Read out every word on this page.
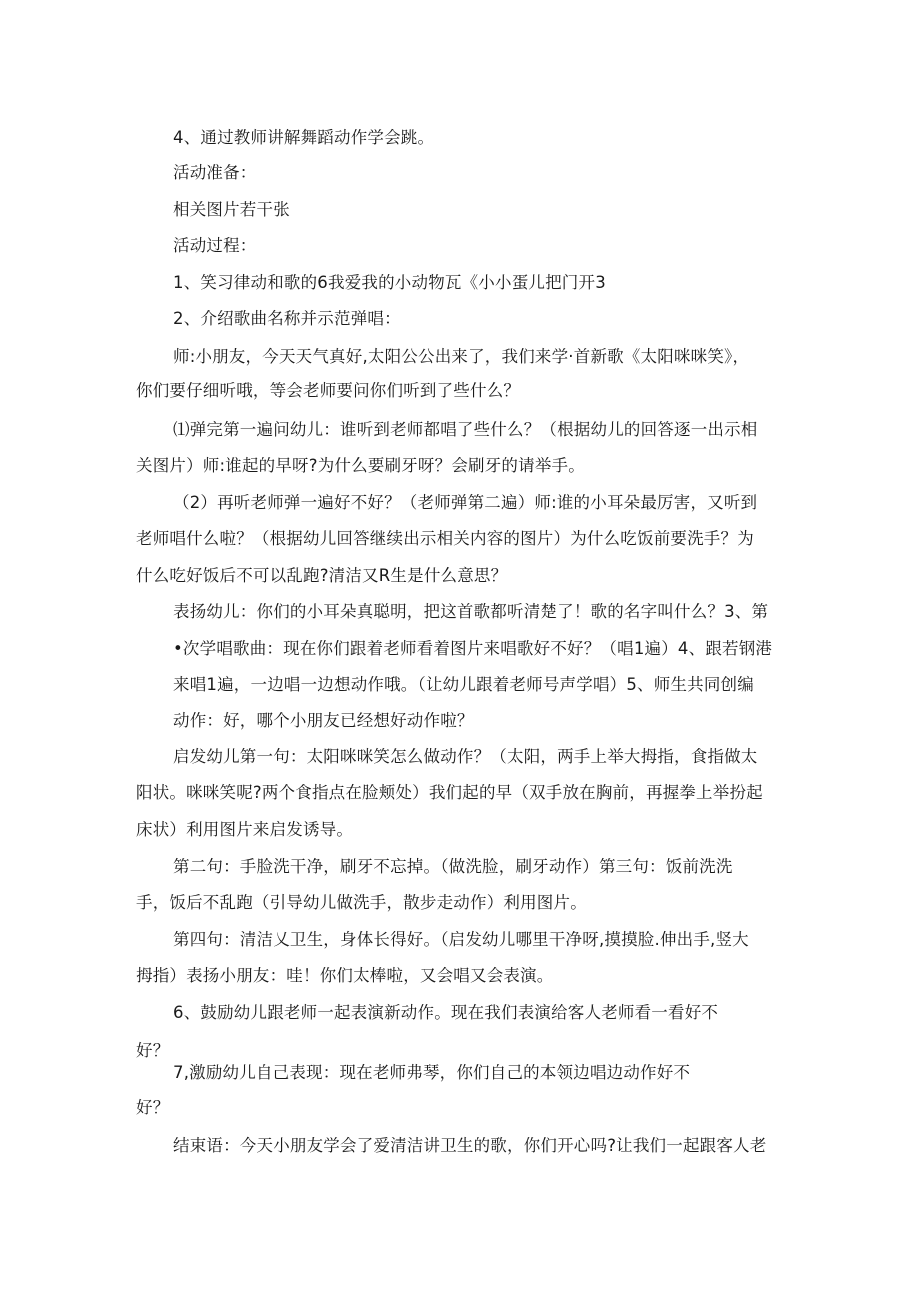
4、通过教师讲解舞蹈动作学会跳。
活动准备：
相关图片若干张
活动过程：
1、笑习律动和歌的6我爱我的小动物瓦《小小蛋儿把门开3
2、介绍歌曲名称并示范弹唱：
师:小朋友，今天天气真好,太阳公公出来了，我们来学·首新歌《太阳咪咪笑》，
你们要仔细听哦，等会老师要问你们听到了些什么？
⑴弹完第一遍问幼儿：谁听到老师都唱了些什么？（根据幼儿的回答逐一出示相
关图片）师:谁起的早呀?为什么要刷牙呀？会刷牙的请举手。
（2）再听老师弹一遍好不好？（老师弹第二遍）师:谁的小耳朵最厉害，又听到
老师唱什么啦？（根据幼儿回答继续出示相关内容的图片）为什么吃饭前要洗手？为
什么吃好饭后不可以乱跑?清洁又R生是什么意思？
表扬幼儿：你们的小耳朵真聪明，把这首歌都听清楚了！歌的名字叫什么？3、第
•次学唱歌曲：现在你们跟着老师看着图片来唱歌好不好？（唱1遍）4、跟若钢港
来唱1遍，一边唱一边想动作哦。（让幼儿跟着老师号声学唱）5、师生共同创编
动作：好，哪个小朋友已经想好动作啦？
启发幼儿第一句：太阳咪咪笑怎么做动作？（太阳，两手上举大拇指，食指做太
阳状。咪咪笑呢?两个食指点在脸颊处）我们起的早（双手放在胸前，再握拳上举扮起
床状）利用图片来启发诱导。
第二句：手脸洗干净，刷牙不忘掉。（做洗脸，刷牙动作）第三句：饭前洗洗
手，饭后不乱跑（引导幼儿做洗手，散步走动作）利用图片。
第四句：清洁乂卫生，身体长得好。（启发幼儿哪里干净呀,摸摸脸.伸出手,竖大
拇指）表扬小朋友：哇！你们太棒啦，又会唱又会表演。
6、鼓励幼儿跟老师一起表演新动作。现在我们表演给客人老师看一看好不
好？
7,激励幼儿自己表现：现在老师弗琴，你们自己的本领边唱边动作好不
好？
结束语：今天小朋友学会了爱清洁讲卫生的歌，你们开心吗?让我们一起跟客人老
